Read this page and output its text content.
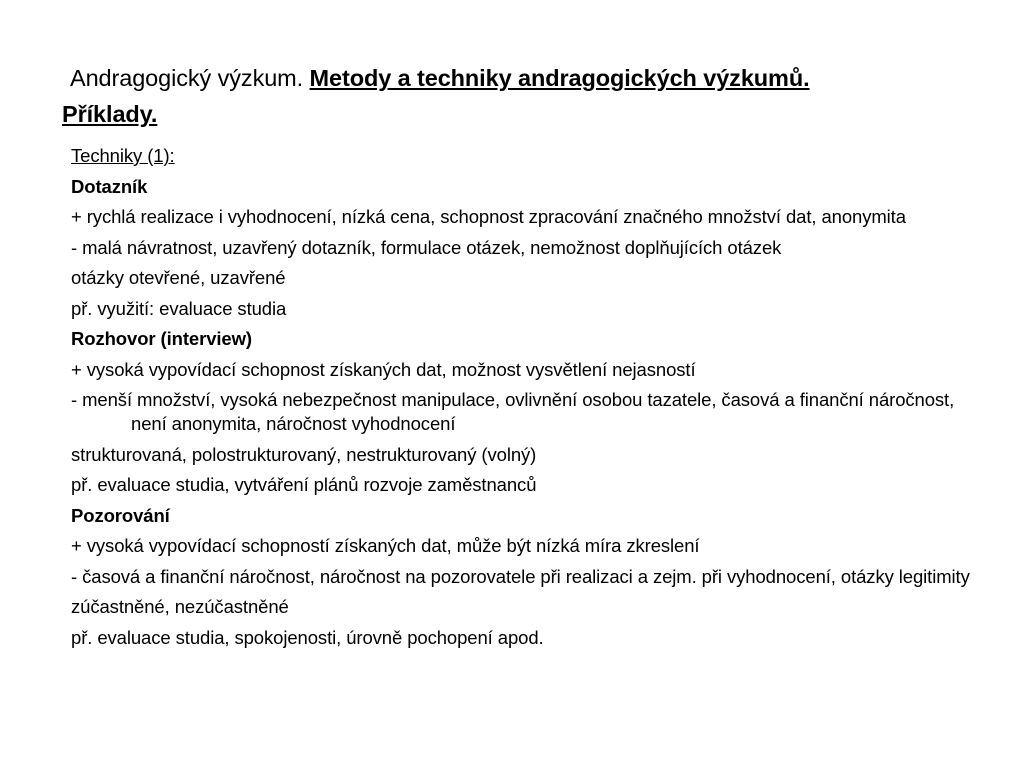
Andragogický výzkum. Metody a techniky andragogických výzkumů.
Příklady.
Techniky (1):
Dotazník
+ rychlá realizace i vyhodnocení, nízká cena, schopnost zpracování značného množství dat, anonymita
- malá návratnost, uzavřený dotazník, formulace otázek, nemožnost doplňujících otázek
otázky otevřené, uzavřené
př. využití: evaluace studia
Rozhovor (interview)
+ vysoká vypovídací schopnost získaných dat, možnost vysvětlení nejasností
- menší množství, vysoká nebezpečnost manipulace, ovlivnění osobou tazatele, časová a finanční náročnost, není anonymita, náročnost vyhodnocení
strukturovaná, polostrukturovaný, nestrukturovaný (volný)
př. evaluace studia, vytváření plánů rozvoje zaměstnanců
Pozorování
+ vysoká vypovídací schopností získaných dat, může být nízká míra zkreslení
- časová a finanční náročnost, náročnost na pozorovatele při realizaci a zejm. při vyhodnocení, otázky legitimity
zúčastněné, nezúčastněné
př. evaluace studia, spokojenosti, úrovně pochopení apod.
